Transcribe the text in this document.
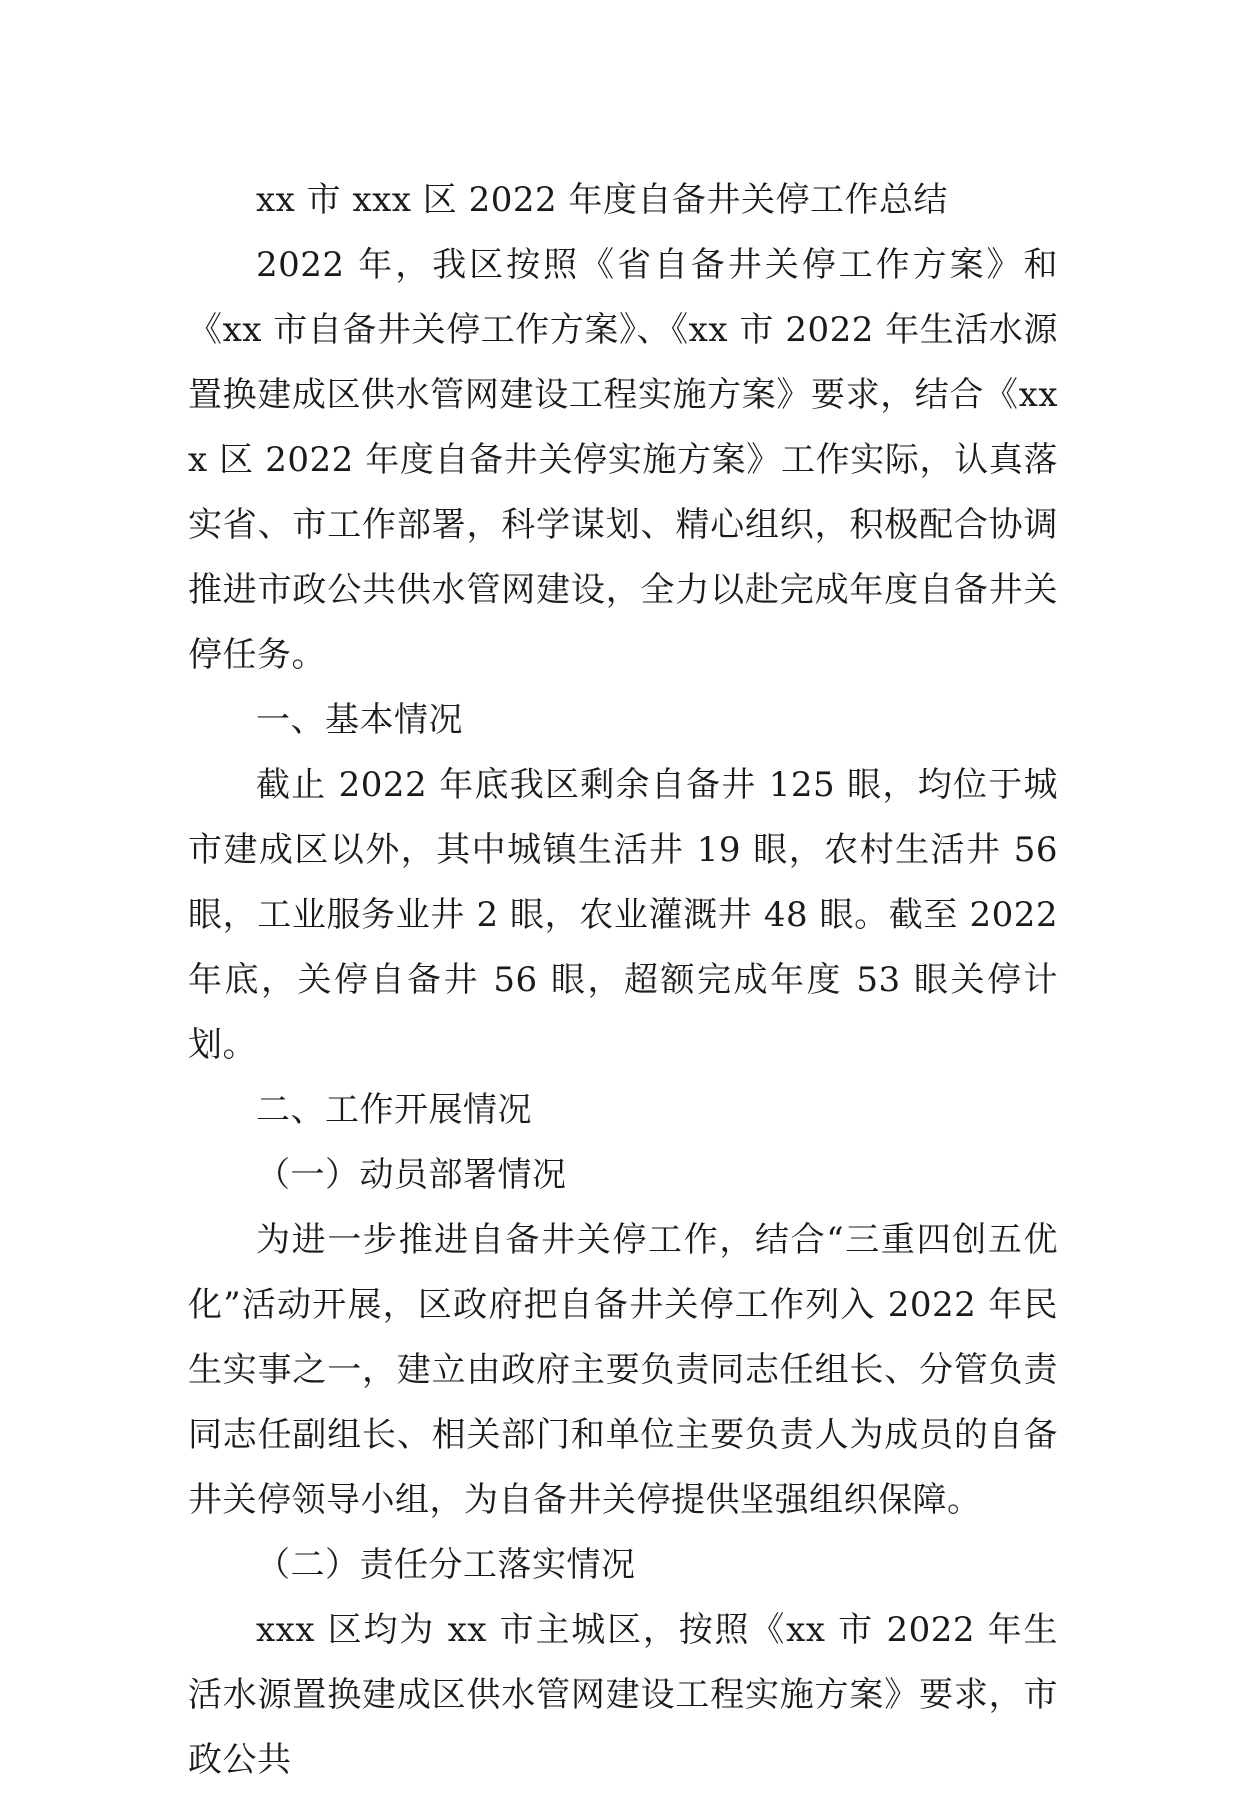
xx 市 xxx 区 2022 年度自备井关停工作总结

2022 年，我区按照《省自备井关停工作方案》和《xx 市自备井关停工作方案》、《xx 市 2022 年生活水源置换建成区供水管网建设工程实施方案》要求，结合《xxx 区 2022 年度自备井关停实施方案》工作实际，认真落实省、市工作部署，科学谋划、精心组织，积极配合协调推进市政公共供水管网建设，全力以赴完成年度自备井关停任务。

一、基本情况

截止 2022 年底我区剩余自备井 125 眼，均位于城市建成区以外，其中城镇生活井 19 眼，农村生活井 56 眼，工业服务业井 2 眼，农业灌溉井 48 眼。截至 2022 年底，关停自备井 56 眼，超额完成年度 53 眼关停计划。

二、工作开展情况

（一）动员部署情况

为进一步推进自备井关停工作，结合“三重四创五优化”活动开展，区政府把自备井关停工作列入 2022 年民生实事之一，建立由政府主要负责同志任组长、分管负责同志任副组长、相关部门和单位主要负责人为成员的自备井关停领导小组，为自备井关停提供坚强组织保障。

（二）责任分工落实情况

xxx 区均为 xx 市主城区，按照《xx 市 2022 年生活水源置换建成区供水管网建设工程实施方案》要求，市政公共
